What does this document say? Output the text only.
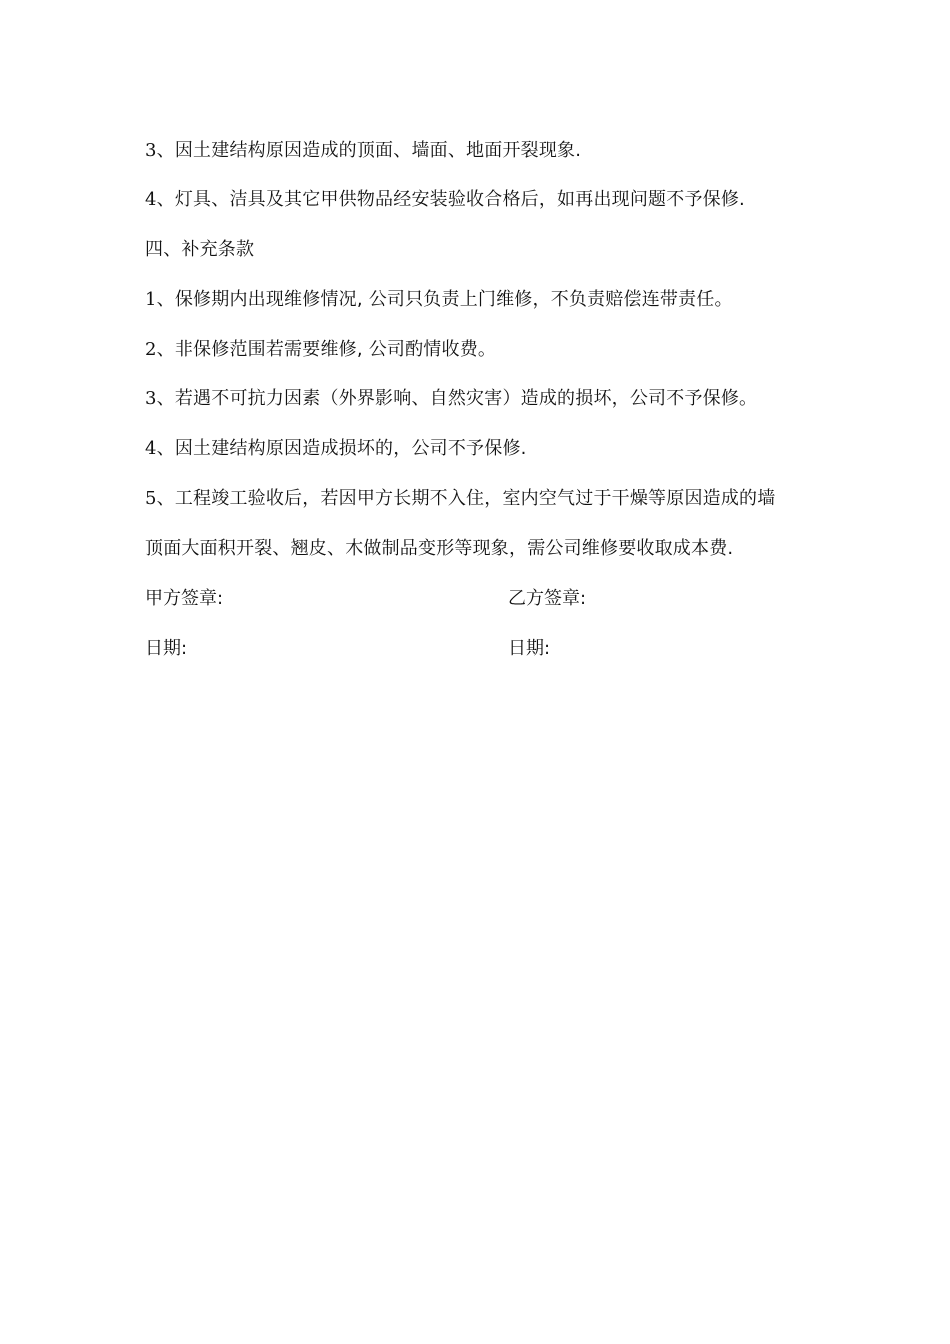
3、因土建结构原因造成的顶面、墙面、地面开裂现象.
4、灯具、洁具及其它甲供物品经安装验收合格后，如再出现问题不予保修.
四、补充条款
1、保修期内出现维修情况, 公司只负责上门维修，不负责赔偿连带责任。
2、非保修范围若需要维修, 公司酌情收费。
3、若遇不可抗力因素（外界影响、自然灾害）造成的损坏，公司不予保修。
4、因土建结构原因造成损坏的，公司不予保修.
5、工程竣工验收后，若因甲方长期不入住，室内空气过于干燥等原因造成的墙
顶面大面积开裂、翘皮、木做制品变形等现象，需公司维修要收取成本费.
甲方签章:	乙方签章:
日期:	日期:
